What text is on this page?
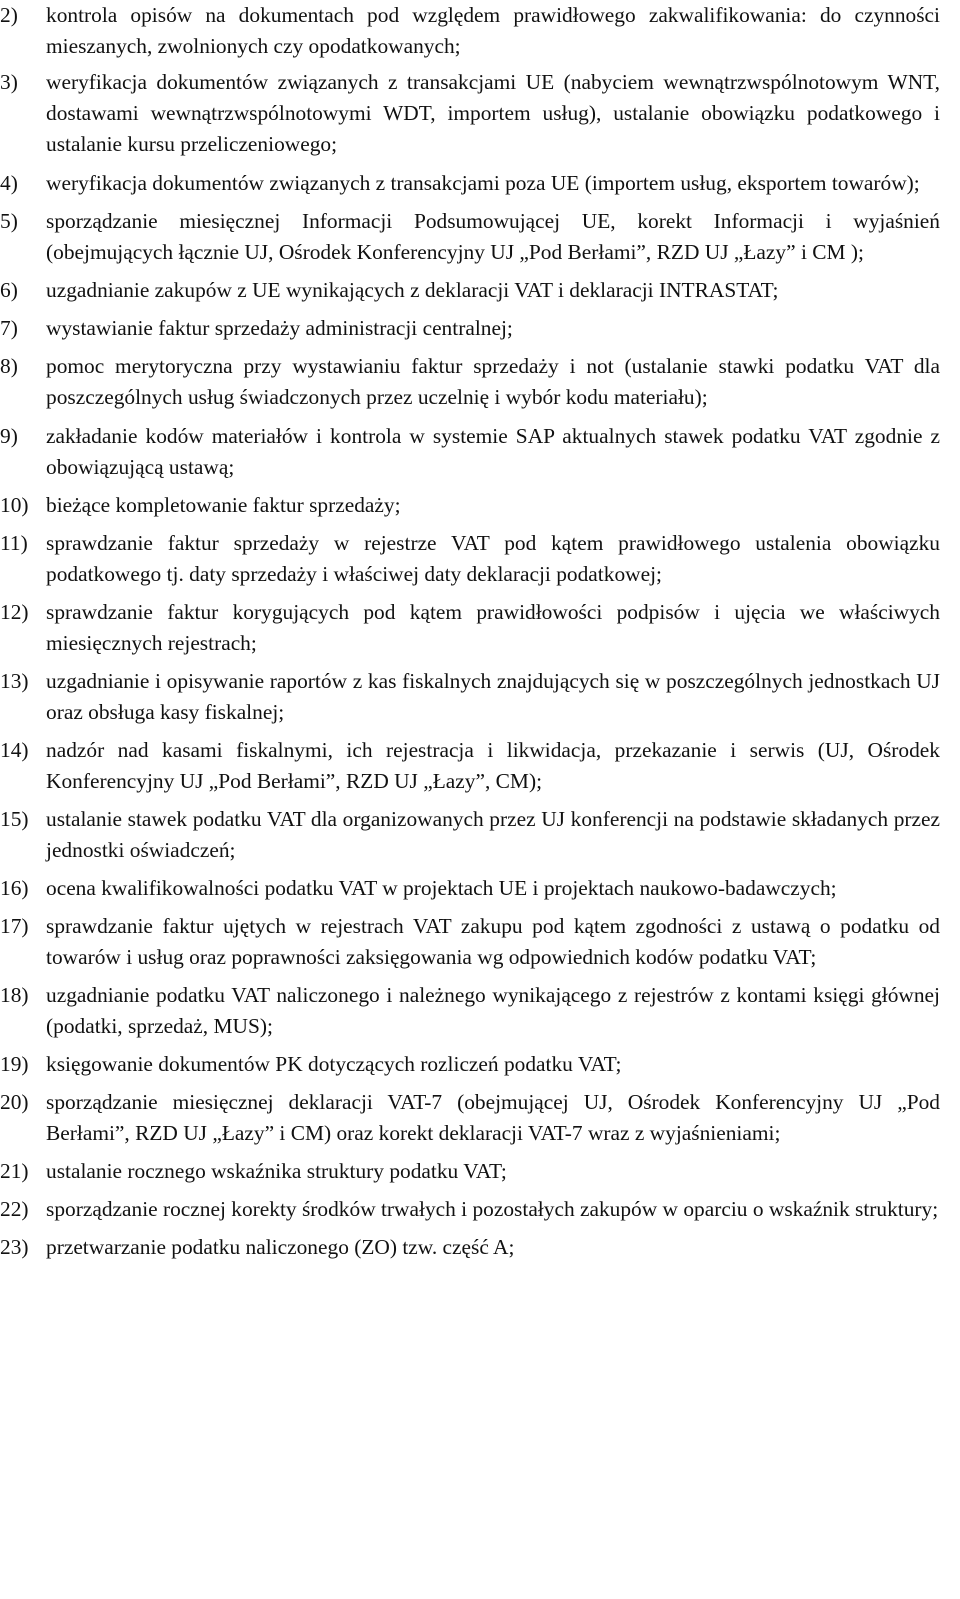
2)	kontrola opisów na dokumentach pod względem prawidłowego zakwalifikowania: do czynności mieszanych, zwolnionych czy opodatkowanych;
3)	weryfikacja dokumentów związanych z transakcjami UE (nabyciem wewnątrzwspólnotowym WNT, dostawami wewnątrzwspólnotowymi WDT, importem usług), ustalanie obowiązku podatkowego i ustalanie kursu przeliczeniowego;
4)	weryfikacja dokumentów związanych z transakcjami poza UE (importem usług, eksportem towarów);
5)	sporządzanie miesięcznej Informacji Podsumowującej UE, korekt Informacji i wyjaśnień (obejmujących łącznie UJ, Ośrodek Konferencyjny UJ „Pod Berłami”, RZD UJ „Łazy” i CM );
6)	uzgadnianie zakupów z UE wynikających z deklaracji VAT i deklaracji INTRASTAT;
7)	wystawianie faktur sprzedaży administracji centralnej;
8)	pomoc merytoryczna przy wystawianiu faktur sprzedaży i not (ustalanie stawki podatku VAT dla poszczególnych usług świadczonych przez uczelnię i wybór kodu materiału);
9)	zakładanie kodów materiałów i kontrola w systemie SAP aktualnych stawek podatku VAT zgodnie z obowiązującą ustawą;
10) bieżące kompletowanie faktur sprzedaży;
11) sprawdzanie faktur sprzedaży w rejestrze VAT pod kątem prawidłowego ustalenia obowiązku podatkowego tj. daty sprzedaży i właściwej daty deklaracji podatkowej;
12) sprawdzanie faktur korygujących pod kątem prawidłowości podpisów i ujęcia we właściwych miesięcznych rejestrach;
13) uzgadnianie i opisywanie raportów z kas fiskalnych znajdujących się w poszczególnych jednostkach UJ oraz obsługa kasy fiskalnej;
14) nadzór nad kasami fiskalnymi, ich rejestracja i likwidacja, przekazanie i serwis (UJ, Ośrodek Konferencyjny UJ „Pod Berłami”, RZD UJ „Łazy”, CM);
15) ustalanie stawek podatku VAT dla organizowanych przez UJ konferencji na podstawie składanych przez jednostki oświadczeń;
16) ocena kwalifikowalności podatku VAT w projektach UE i projektach naukowo-badawczych;
17) sprawdzanie faktur ujętych w rejestrach VAT zakupu pod kątem zgodności z ustawą o podatku od towarów i usług oraz poprawności zaksięgowania wg odpowiednich kodów podatku VAT;
18) uzgadnianie podatku VAT naliczonego i należnego wynikającego z rejestrów z kontami księgi głównej (podatki, sprzedaż, MUS);
19) księgowanie dokumentów PK dotyczących rozliczeń podatku VAT;
20) sporządzanie miesięcznej deklaracji VAT-7 (obejmującej UJ, Ośrodek Konferencyjny UJ „Pod Berłami”, RZD UJ „Łazy” i CM) oraz korekt deklaracji VAT-7 wraz z wyjaśnieniami;
21) ustalanie rocznego wskaźnika struktury podatku VAT;
22) sporządzanie rocznej korekty środków trwałych i pozostałych zakupów w oparciu o wskaźnik struktury;
23) przetwarzanie podatku naliczonego (ZO) tzw. część A;
